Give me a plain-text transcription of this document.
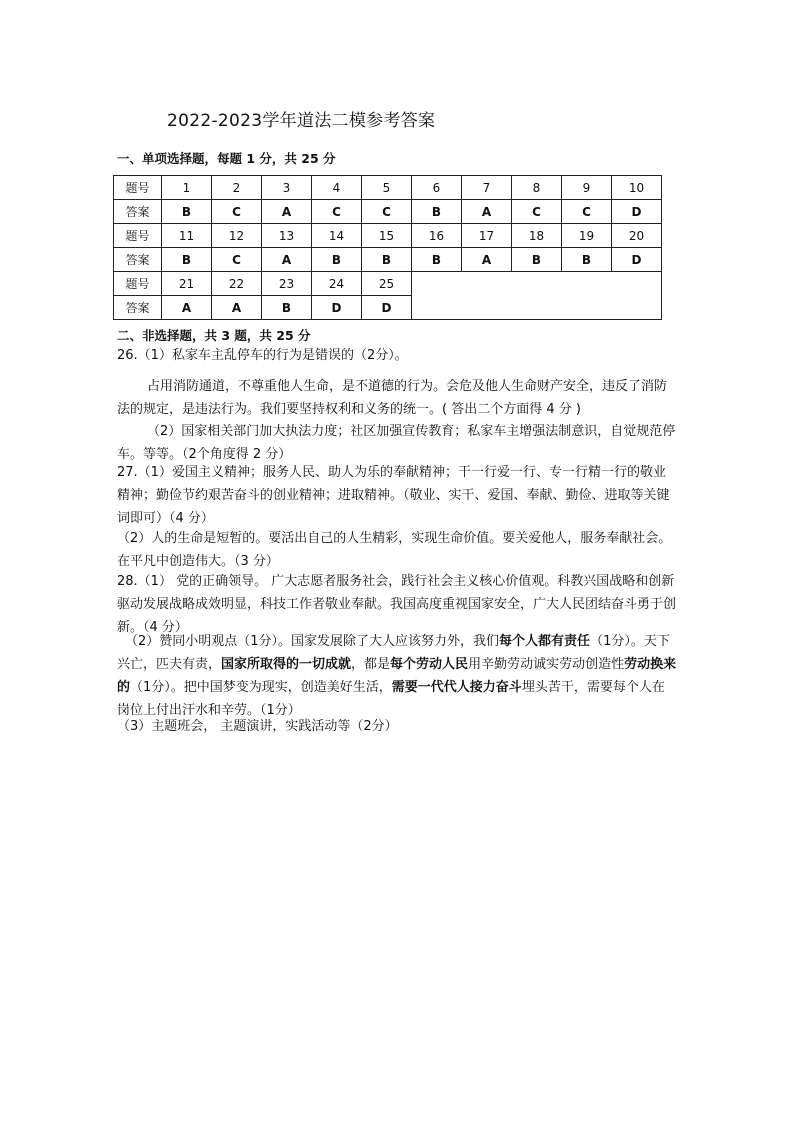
2022-2023学年道法二模参考答案
一、单项选择题，每题 1 分，共 25 分
题号	1	2	3	4	5	6	7	8	9	10
答案	B	C	A	C	C	B	A	C	C	D
题号	11	12	13	14	15	16	17	18	19	20
答案	B	C	A	B	B	B	A	B	B	D
题号	21	22	23	24	25					
答案	A	A	B	D	D					
二、非选择题，共 3 题，共 25 分
26.（1）私家车主乱停车的行为是错误的（2分）。
占用消防通道，不尊重他人生命，是不道德的行为。会危及他人生命财产安全，违反了消防法的规定，是违法行为。我们要坚持权利和义务的统一。( 答出二个方面得 4 分 )
（2）国家相关部门加大执法力度；社区加强宣传教育；私家车主增强法制意识，自觉规范停车。等等。（2个角度得 2 分）
27.（1）爱国主义精神；服务人民、助人为乐的奉献精神；干一行爱一行、专一行精一行的敬业精神；勤俭节约艰苦奋斗的创业精神；进取精神。（敬业、实干、爱国、奉献、勤俭、进取等关键词即可）（4 分）
（2）人的生命是短暂的。要活出自己的人生精彩，实现生命价值。要关爱他人，服务奉献社会。在平凡中创造伟大。（3 分）
28.（1） 党的正确领导。 广大志愿者服务社会，践行社会主义核心价值观。科教兴国战略和创新驱动发展战略成效明显，科技工作者敬业奉献。我国高度重视国家安全，广大人民团结奋斗勇于创新。（4 分）
（2）赞同小明观点（1分）。国家发展除了大人应该努力外，我们每个人都有责任（1分）。天下兴亡，匹夫有责，国家所取得的一切成就，都是每个劳动人民用辛勤劳动诚实劳动创造性劳动换来的（1分）。把中国梦变为现实，创造美好生活，需要一代代人接力奋斗埋头苦干，需要每个人在岗位上付出汗水和辛劳。（1分）
（3）主题班会， 主题演讲，实践活动等（2分）
